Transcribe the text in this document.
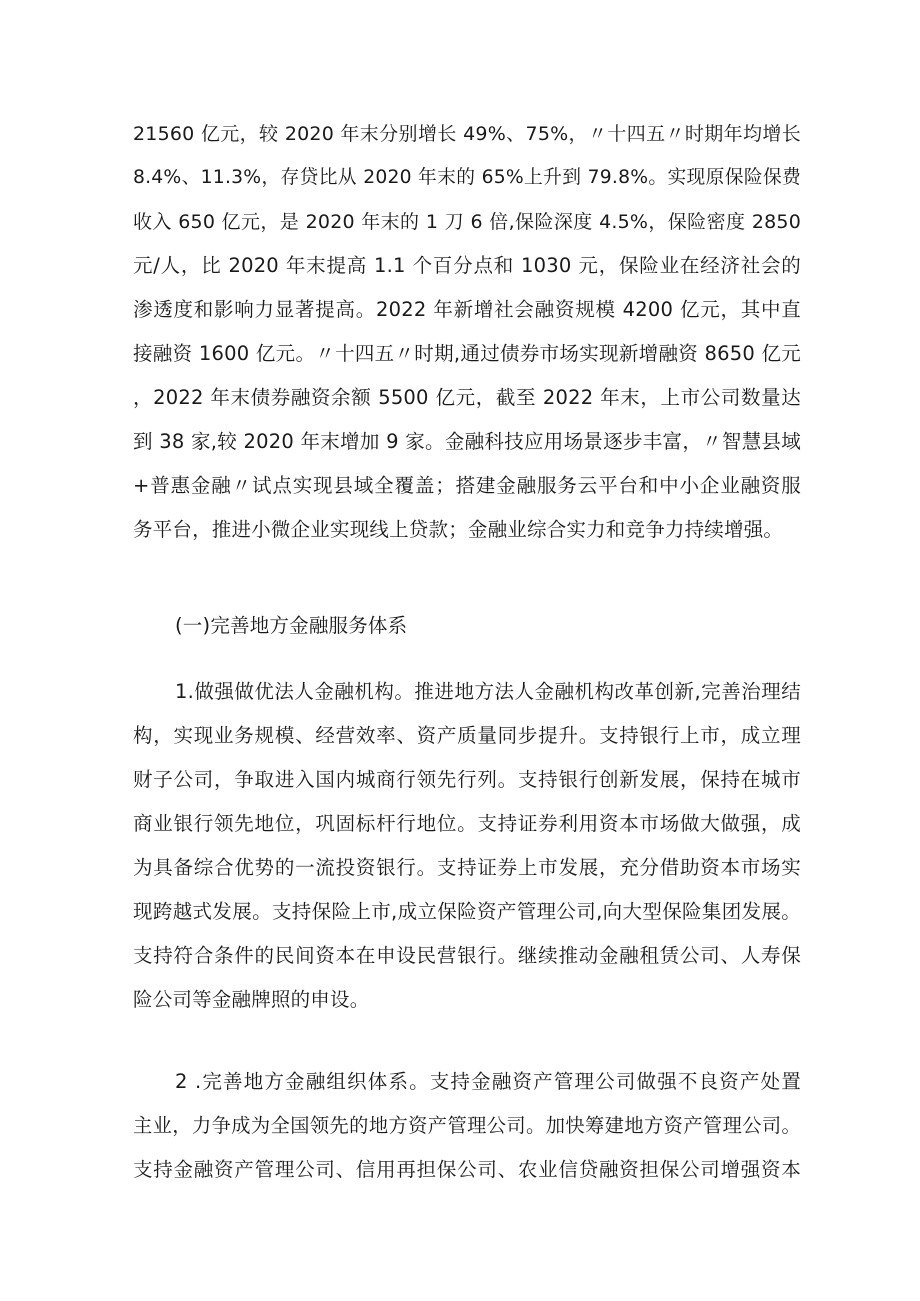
21560 亿元，较 2020 年末分别增长 49%、75%，〃十四五〃时期年均增长

8.4%、11.3%，存贷比从 2020 年末的 65%上升到 79.8%。实现原保险保费

收入 650 亿元，是 2020 年末的 1 刀 6 倍,保险深度 4.5%，保险密度 2850

元/人，比 2020 年末提高 1.1 个百分点和 1030 元，保险业在经济社会的

渗透度和影响力显著提高。2022 年新增社会融资规模 4200 亿元，其中直

接融资 1600 亿元。〃十四五〃时期,通过债券市场实现新增融资 8650 亿元

，2022 年末债券融资余额 5500 亿元，截至 2022 年末，上市公司数量达

到 38 家,较 2020 年末增加 9 家。金融科技应用场景逐步丰富，〃智慧县域

+普惠金融〃试点实现县域全覆盖；搭建金融服务云平台和中小企业融资服

务平台，推进小微企业实现线上贷款；金融业综合实力和竞争力持续增强。

(一)完善地方金融服务体系

1.做强做优法人金融机构。推进地方法人金融机构改革创新,完善治理结

构，实现业务规模、经营效率、资产质量同步提升。支持银行上市，成立理

财子公司，争取进入国内城商行领先行列。支持银行创新发展，保持在城市

商业银行领先地位，巩固标杆行地位。支持证券利用资本市场做大做强，成

为具备综合优势的一流投资银行。支持证券上市发展，充分借助资本市场实

现跨越式发展。支持保险上市,成立保险资产管理公司,向大型保险集团发展。

支持符合条件的民间资本在申设民营银行。继续推动金融租赁公司、人寿保

险公司等金融牌照的申设。

2 .完善地方金融组织体系。支持金融资产管理公司做强不良资产处置

主业，力争成为全国领先的地方资产管理公司。加快筹建地方资产管理公司。

支持金融资产管理公司、信用再担保公司、农业信贷融资担保公司增强资本
